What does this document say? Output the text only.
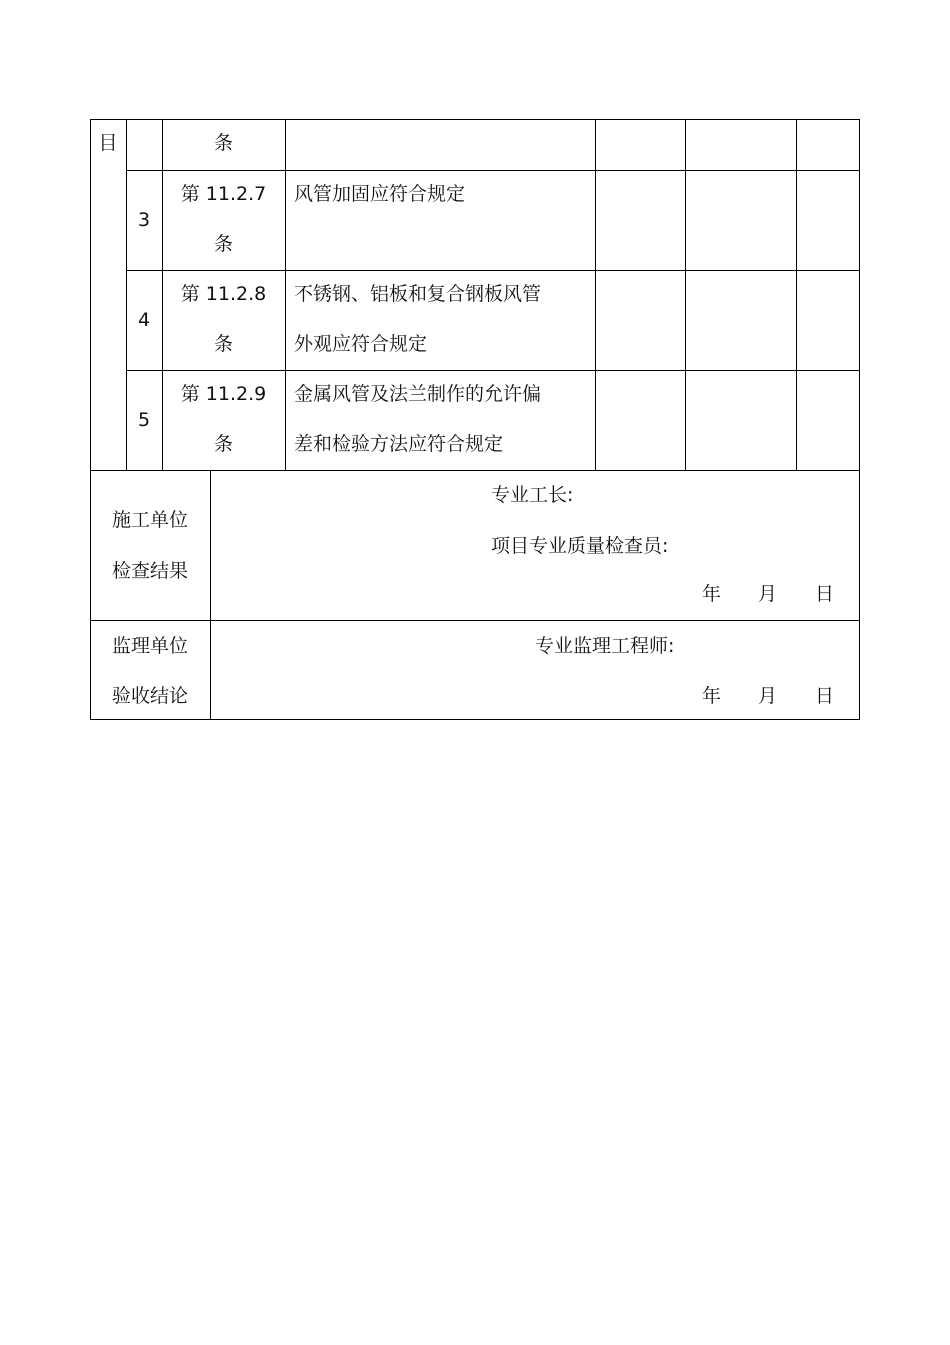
目	条
3
第 11.2.7
条
风管加固应符合规定
4
第 11.2.8
条
不锈钢、铝板和复合钢板风管
外观应符合规定
5
第 11.2.9
条
金属风管及法兰制作的允许偏
差和检验方法应符合规定
施工单位
检查结果
专业工长:
项目专业质量检查员:
年 月 日
监理单位
验收结论
专业监理工程师:
年 月 日
